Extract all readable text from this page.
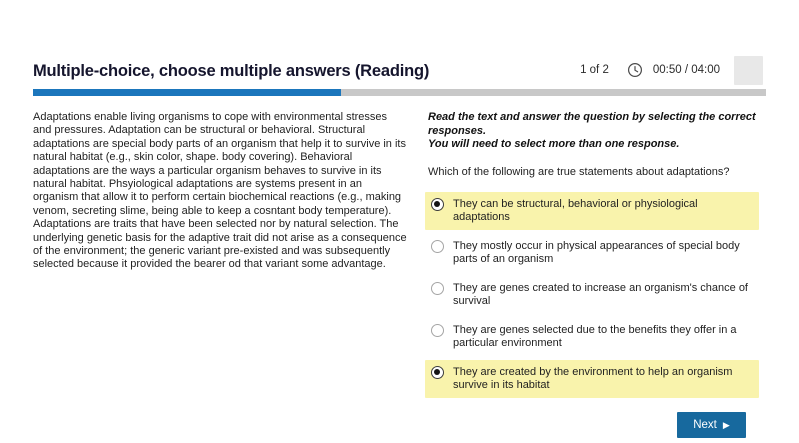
Multiple-choice, choose multiple answers (Reading)	1 of 2	00:50 / 04:00
Adaptations enable living organisms to cope with environmental stresses and pressures. Adaptation can be structural or behavioral. Structural adaptations are special body parts of an organism that help it to survive in its natural habitat (e.g., skin color, shape. body covering). Behavioral adaptations are the ways a particular organism behaves to survive in its natural habitat. Phsyiological adaptations are systems present in an organism that allow it to perform certain biochemical reactions (e.g., making venom, secreting slime, being able to keep a cosntant body temperature). Adaptations are traits that have been selected nor by natural selection. The underlying genetic basis for the adaptive trait did not arise as a consequence of the environment; the generic variant pre-existed and was subsequently selected because it provided the bearer od that variant some advantage.
Read the text and answer the question by selecting the correct responses.
You will need to select more than one response.
Which of the following are true statements about adaptations?
They can be structural, behavioral or physiological adaptations
They mostly occur in physical appearances of special body parts of an organism
They are genes created to increase an organism's chance of survival
They are genes selected due to the benefits they offer in a particular environment
They are created by the environment to help an organism survive in its habitat
Next ▶
